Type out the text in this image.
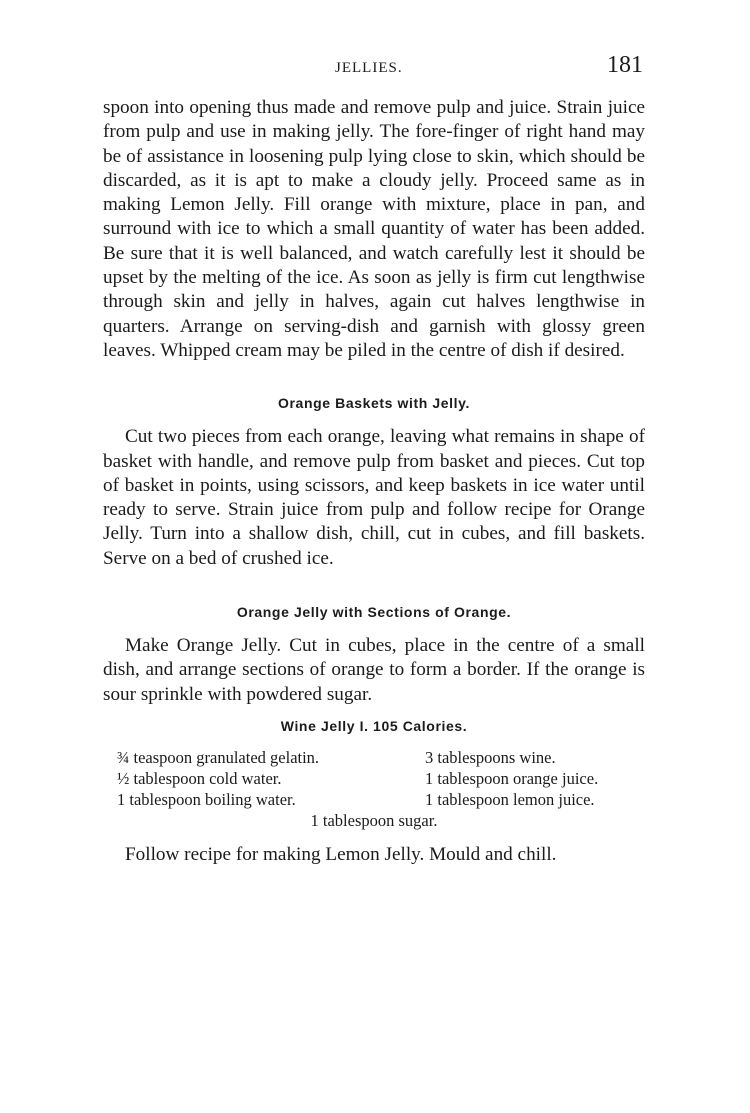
JELLIES.	181

spoon into opening thus made and remove pulp and juice. Strain juice from pulp and use in making jelly. The fore-finger of right hand may be of assistance in loosening pulp lying close to skin, which should be discarded, as it is apt to make a cloudy jelly. Proceed same as in making Lemon Jelly. Fill orange with mixture, place in pan, and surround with ice to which a small quantity of water has been added. Be sure that it is well balanced, and watch carefully lest it should be upset by the melting of the ice. As soon as jelly is firm cut lengthwise through skin and jelly in halves, again cut halves lengthwise in quarters. Arrange on serving-dish and garnish with glossy green leaves. Whipped cream may be piled in the centre of dish if desired.

Orange Baskets with Jelly.

Cut two pieces from each orange, leaving what remains in shape of basket with handle, and remove pulp from basket and pieces. Cut top of basket in points, using scissors, and keep baskets in ice water until ready to serve. Strain juice from pulp and follow recipe for Orange Jelly. Turn into a shallow dish, chill, cut in cubes, and fill baskets. Serve on a bed of crushed ice.

Orange Jelly with Sections of Orange.

Make Orange Jelly. Cut in cubes, place in the centre of a small dish, and arrange sections of orange to form a border. If the orange is sour sprinkle with powdered sugar.

Wine Jelly I. 105 Calories.
¾ teaspoon granulated gelatin.	3 tablespoons wine.
½ tablespoon cold water.	1 tablespoon orange juice.
1 tablespoon boiling water.	1 tablespoon lemon juice.
1 tablespoon sugar.

Follow recipe for making Lemon Jelly. Mould and chill.
